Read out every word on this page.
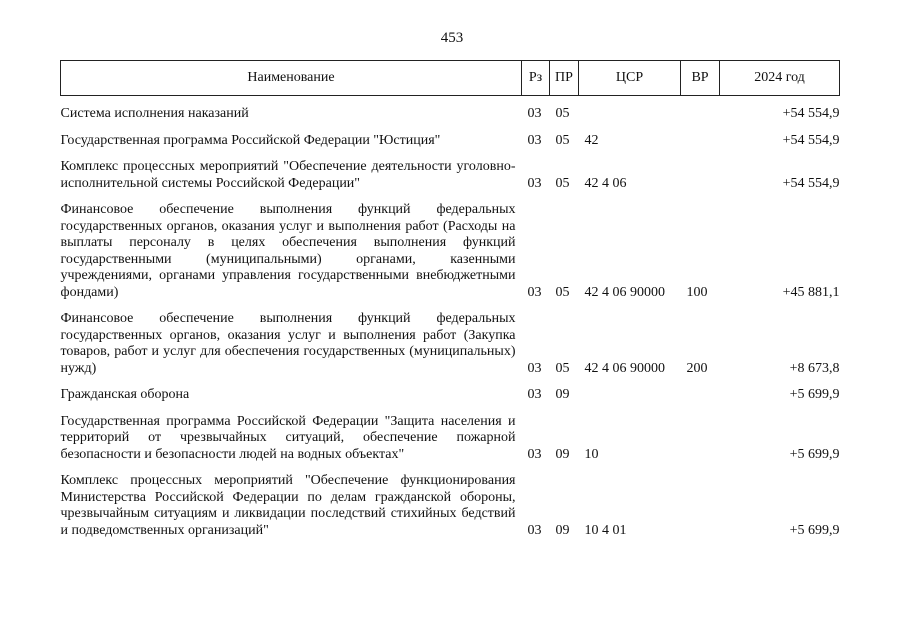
453
Наименование	Рз	ПР	ЦСР	ВР	2024 год

Система исполнения наказаний	03	05			+54 554,9

Государственная программа Российской Федерации "Юстиция"	03	05	42		+54 554,9

Комплекс процессных мероприятий "Обеспечение деятельности уголовно-исполнительной системы Российской Федерации"	03	05	42 4 06		+54 554,9

Финансовое обеспечение выполнения функций федеральных государственных органов, оказания услуг и выполнения работ (Расходы на выплаты персоналу в целях обеспечения выполнения функций государственными (муниципальными) органами, казенными учреждениями, органами управления государственными внебюджетными фондами)	03	05	42 4 06 90000	100	+45 881,1

Финансовое обеспечение выполнения функций федеральных государственных органов, оказания услуг и выполнения работ (Закупка товаров, работ и услуг для обеспечения государственных (муниципальных) нужд)	03	05	42 4 06 90000	200	+8 673,8

Гражданская оборона	03	09			+5 699,9

Государственная программа Российской Федерации "Защита населения и территорий от чрезвычайных ситуаций, обеспечение пожарной безопасности и безопасности людей на водных объектах"	03	09	10		+5 699,9

Комплекс процессных мероприятий "Обеспечение функционирования Министерства Российской Федерации по делам гражданской обороны, чрезвычайным ситуациям и ликвидации последствий стихийных бедствий и подведомственных организаций"	03	09	10 4 01		+5 699,9
